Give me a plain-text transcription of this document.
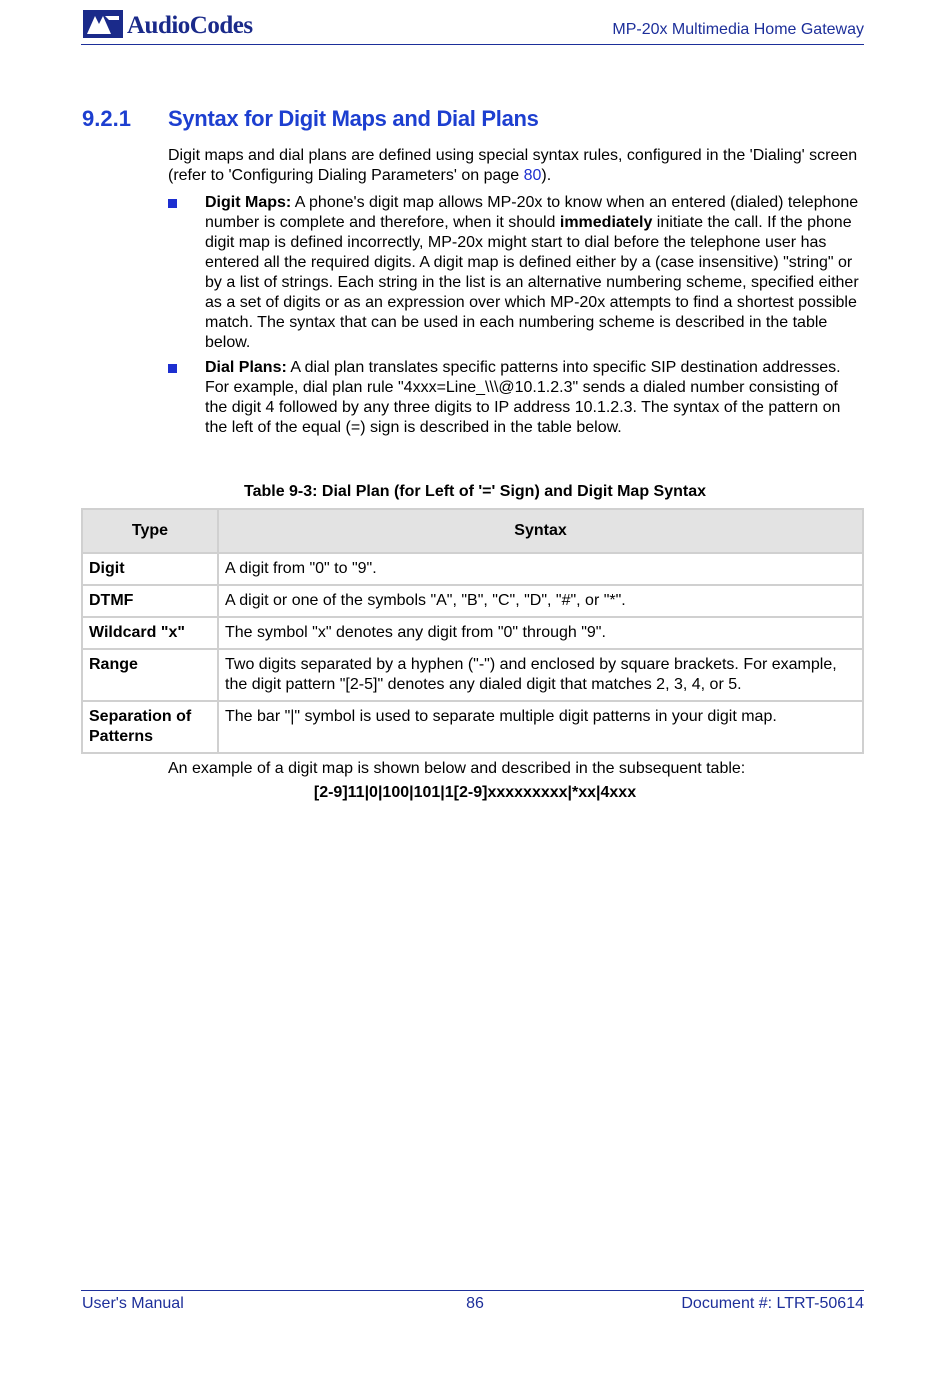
AudioCodes	MP-20x Multimedia Home Gateway
9.2.1 Syntax for Digit Maps and Dial Plans
Digit maps and dial plans are defined using special syntax rules, configured in the 'Dialing' screen (refer to 'Configuring Dialing Parameters' on page 80).
Digit Maps: A phone's digit map allows MP-20x to know when an entered (dialed) telephone number is complete and therefore, when it should immediately initiate the call. If the phone digit map is defined incorrectly, MP-20x might start to dial before the telephone user has entered all the required digits. A digit map is defined either by a (case insensitive) "string" or by a list of strings. Each string in the list is an alternative numbering scheme, specified either as a set of digits or as an expression over which MP-20x attempts to find a shortest possible match. The syntax that can be used in each numbering scheme is described in the table below.
Dial Plans: A dial plan translates specific patterns into specific SIP destination addresses. For example, dial plan rule "4xxx=Line_\\\@10.1.2.3" sends a dialed number consisting of the digit 4 followed by any three digits to IP address 10.1.2.3. The syntax of the pattern on the left of the equal (=) sign is described in the table below.
Table 9-3: Dial Plan (for Left of '=' Sign) and Digit Map Syntax
Type	Syntax
Digit	A digit from "0" to "9".
DTMF	A digit or one of the symbols "A", "B", "C", "D", "#", or "*".
Wildcard "x"	The symbol "x" denotes any digit from "0" through "9".
Range	Two digits separated by a hyphen ("-") and enclosed by square brackets. For example, the digit pattern "[2-5]" denotes any dialed digit that matches 2, 3, 4, or 5.
Separation of Patterns	The bar "|" symbol is used to separate multiple digit patterns in your digit map.
An example of a digit map is shown below and described in the subsequent table:
[2-9]11|0|100|101|1[2-9]xxxxxxxxx|*xx|4xxx
User's Manual	86	Document #: LTRT-50614
